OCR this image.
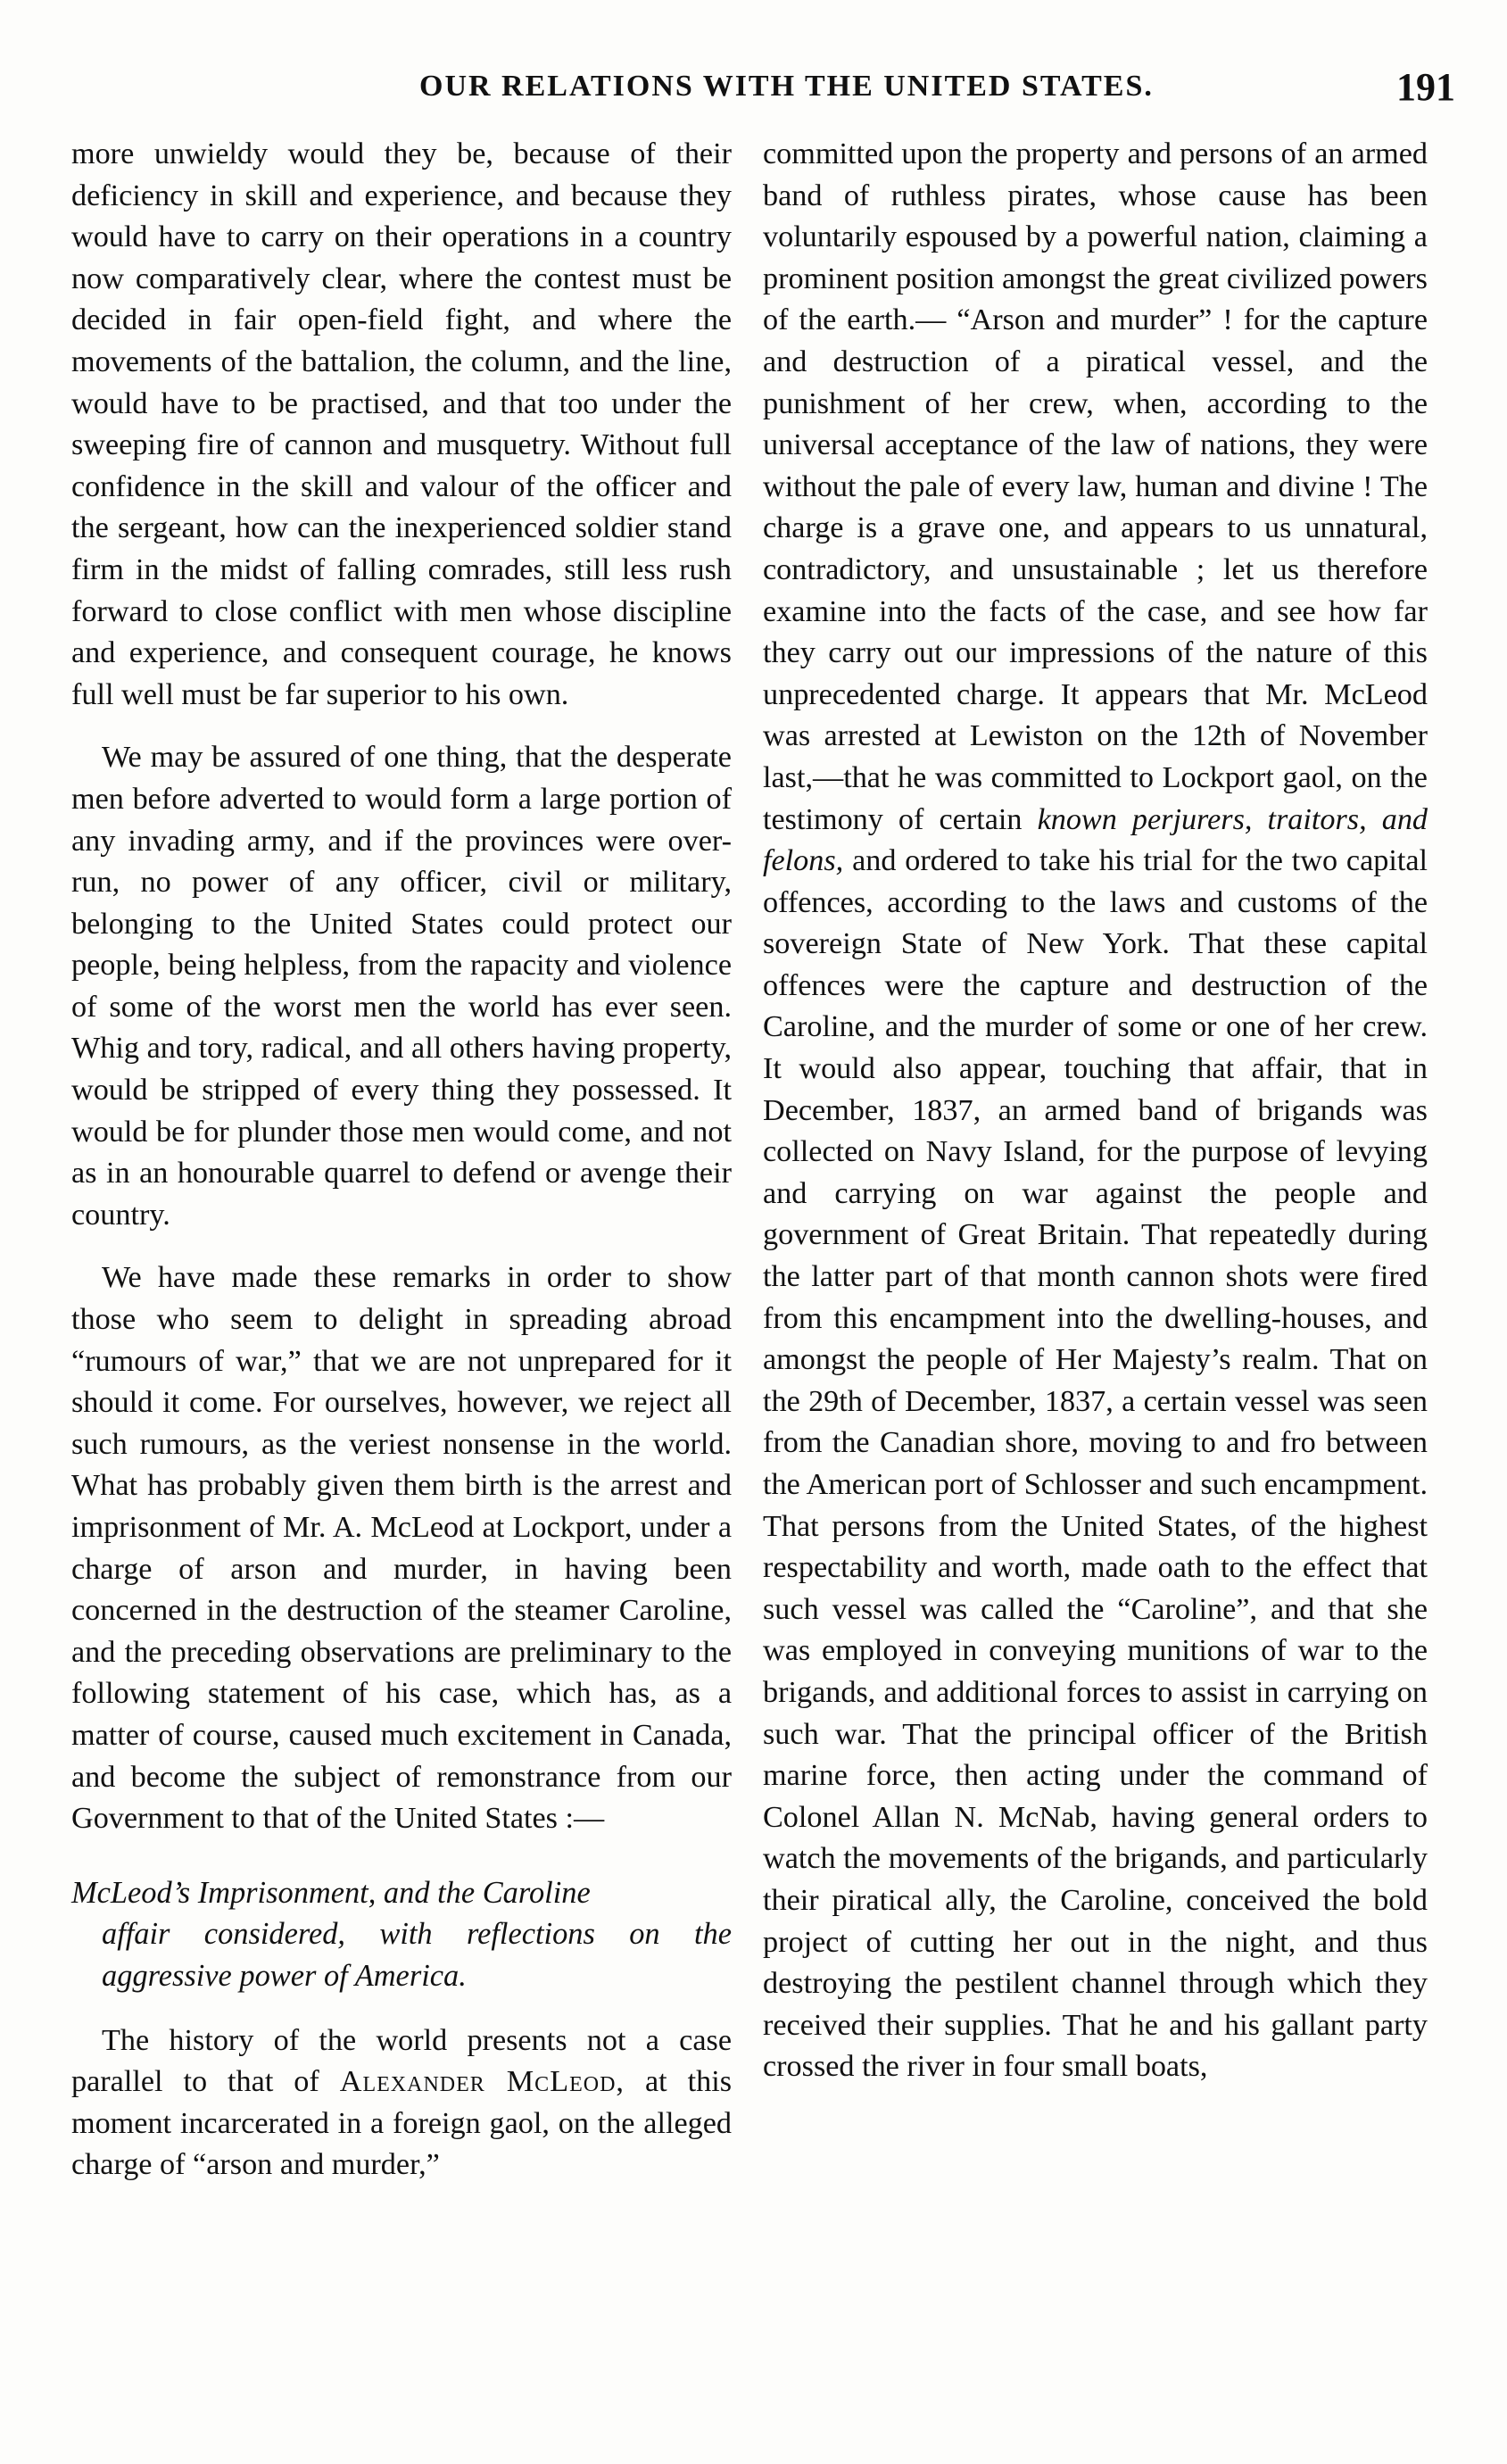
OUR RELATIONS WITH THE UNITED STATES.	191

more unwieldy would they be, because of their deficiency in skill and experience, and because they would have to carry on their operations in a country now comparatively clear, where the contest must be decided in fair open-field fight, and where the movements of the battalion, the column, and the line, would have to be practised, and that too under the sweeping fire of cannon and musquetry. Without full confidence in the skill and valour of the officer and the sergeant, how can the inexperienced soldier stand firm in the midst of falling comrades, still less rush forward to close conflict with men whose discipline and experience, and consequent courage, he knows full well must be far superior to his own.

We may be assured of one thing, that the desperate men before adverted to would form a large portion of any invading army, and if the provinces were over-run, no power of any officer, civil or military, belonging to the United States could protect our people, being helpless, from the rapacity and violence of some of the worst men the world has ever seen. Whig and tory, radical, and all others having property, would be stripped of every thing they possessed. It would be for plunder those men would come, and not as in an honourable quarrel to defend or avenge their country.

We have made these remarks in order to show those who seem to delight in spreading abroad “rumours of war,” that we are not unprepared for it should it come. For ourselves, however, we reject all such rumours, as the veriest nonsense in the world. What has probably given them birth is the arrest and imprisonment of Mr. A. McLeod at Lockport, under a charge of arson and murder, in having been concerned in the destruction of the steamer Caroline, and the preceding observations are preliminary to the following statement of his case, which has, as a matter of course, caused much excitement in Canada, and become the subject of remonstrance from our Government to that of the United States :—

McLeod’s Imprisonment, and the Caroline
affair considered, with reflections on the aggressive power of America.

The history of the world presents not a case parallel to that of Alexander McLeod, at this moment incarcerated in a foreign gaol, on the alleged charge of “arson and murder,”

committed upon the property and persons of an armed band of ruthless pirates, whose cause has been voluntarily espoused by a powerful nation, claiming a prominent position amongst the great civilized powers of the earth.— “Arson and murder” ! for the capture and destruction of a piratical vessel, and the punishment of her crew, when, according to the universal acceptance of the law of nations, they were without the pale of every law, human and divine ! The charge is a grave one, and appears to us unnatural, contradictory, and unsustainable ; let us therefore examine into the facts of the case, and see how far they carry out our impressions of the nature of this unprecedented charge. It appears that Mr. McLeod was arrested at Lewiston on the 12th of November last,—that he was committed to Lockport gaol, on the testimony of certain known perjurers, traitors, and felons, and ordered to take his trial for the two capital offences, according to the laws and customs of the sovereign State of New York. That these capital offences were the capture and destruction of the Caroline, and the murder of some or one of her crew. It would also appear, touching that affair, that in December, 1837, an armed band of brigands was collected on Navy Island, for the purpose of levying and carrying on war against the people and government of Great Britain. That repeatedly during the latter part of that month cannon shots were fired from this encampment into the dwelling-houses, and amongst the people of Her Majesty’s realm. That on the 29th of December, 1837, a certain vessel was seen from the Canadian shore, moving to and fro between the American port of Schlosser and such encampment. That persons from the United States, of the highest respectability and worth, made oath to the effect that such vessel was called the “Caroline”, and that she was employed in conveying munitions of war to the brigands, and additional forces to assist in carrying on such war. That the principal officer of the British marine force, then acting under the command of Colonel Allan N. McNab, having general orders to watch the movements of the brigands, and particularly their piratical ally, the Caroline, conceived the bold project of cutting her out in the night, and thus destroying the pestilent channel through which they received their supplies. That he and his gallant party crossed the river in four small boats,
